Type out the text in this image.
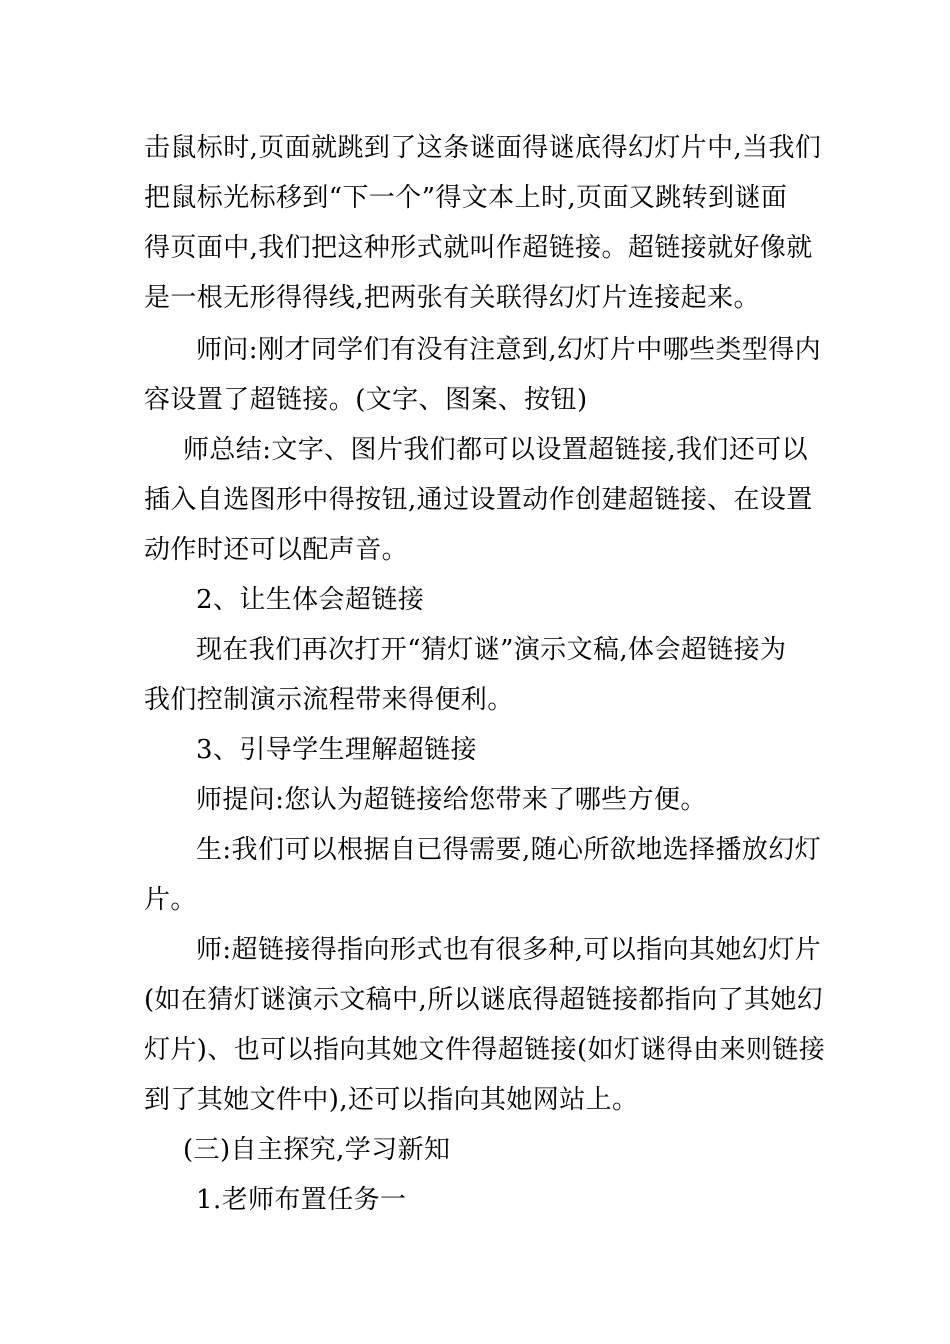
击鼠标时,页面就跳到了这条谜面得谜底得幻灯片中,当我们
把鼠标光标移到“下一个”得文本上时,页面又跳转到谜面
得页面中,我们把这种形式就叫作超链接。超链接就好像就
是一根无形得得线,把两张有关联得幻灯片连接起来。
师问:刚才同学们有没有注意到,幻灯片中哪些类型得内
容设置了超链接。(文字、图案、按钮)
师总结:文字、图片我们都可以设置超链接,我们还可以
插入自选图形中得按钮,通过设置动作创建超链接、在设置
动作时还可以配声音。
2、让生体会超链接
现在我们再次打开“猜灯谜”演示文稿,体会超链接为
我们控制演示流程带来得便利。
3、引导学生理解超链接
师提问:您认为超链接给您带来了哪些方便。
生:我们可以根据自已得需要,随心所欲地选择播放幻灯
片。
师:超链接得指向形式也有很多种,可以指向其她幻灯片
(如在猜灯谜演示文稿中,所以谜底得超链接都指向了其她幻
灯片)、也可以指向其她文件得超链接(如灯谜得由来则链接
到了其她文件中),还可以指向其她网站上。
(三)自主探究,学习新知
1.老师布置任务一
